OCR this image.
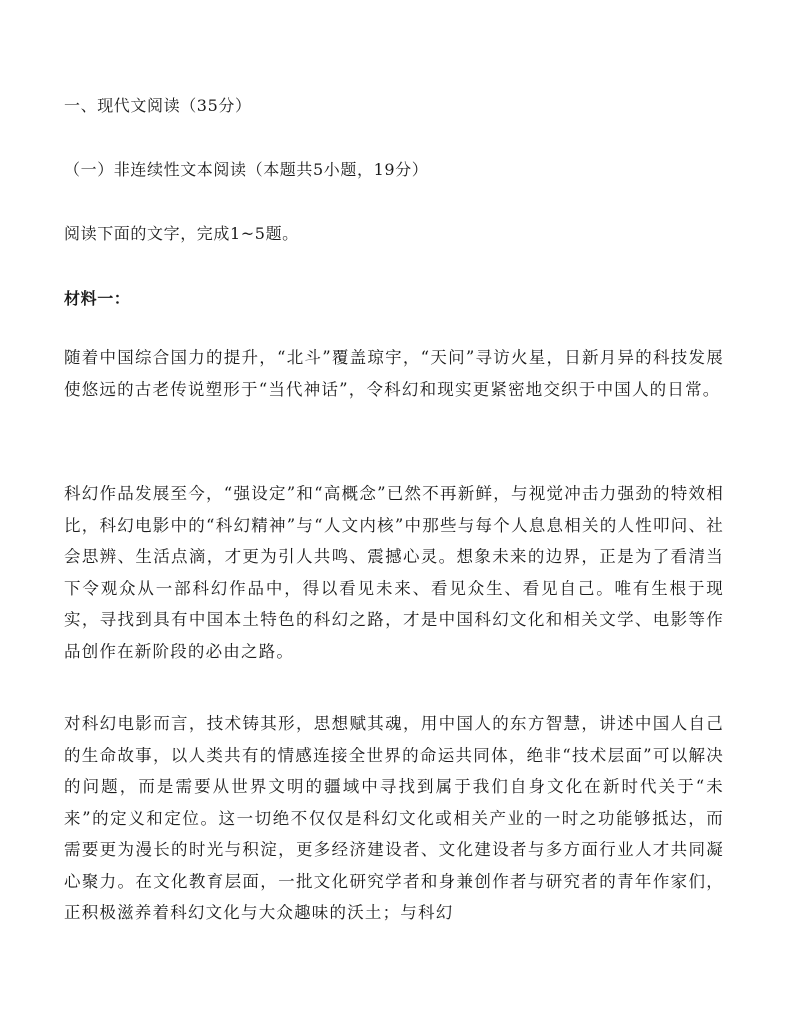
一、现代文阅读（35分）
（一）非连续性文本阅读（本题共5小题，19分）
阅读下面的文字，完成1~5题。
材料一：

随着中国综合国力的提升，“北斗”覆盖琼宇，“天问”寻访火星，日新月异的科技发展使悠远的古老传说塑形于“当代神话”，令科幻和现实更紧密地交织于中国人的日常。

科幻作品发展至今，“强设定”和“高概念”已然不再新鲜，与视觉冲击力强劲的特效相比，科幻电影中的“科幻精神”与“人文内核”中那些与每个人息息相关的人性叩问、社会思辨、生活点滴，才更为引人共鸣、震撼心灵。想象未来的边界，正是为了看清当下令观众从一部科幻作品中，得以看见未来、看见众生、看见自己。唯有生根于现实，寻找到具有中国本土特色的科幻之路，才是中国科幻文化和相关文学、电影等作品创作在新阶段的必由之路。

对科幻电影而言，技术铸其形，思想赋其魂，用中国人的东方智慧，讲述中国人自己的生命故事，以人类共有的情感连接全世界的命运共同体，绝非“技术层面”可以解决的问题，而是需要从世界文明的疆域中寻找到属于我们自身文化在新时代关于“未来”的定义和定位。这一切绝不仅仅是科幻文化或相关产业的一时之功能够抵达，而需要更为漫长的时光与积淀，更多经济建设者、文化建设者与多方面行业人才共同凝心聚力。在文化教育层面，一批文化研究学者和身兼创作者与研究者的青年作家们，正积极滋养着科幻文化与大众趣味的沃土；与科幻
